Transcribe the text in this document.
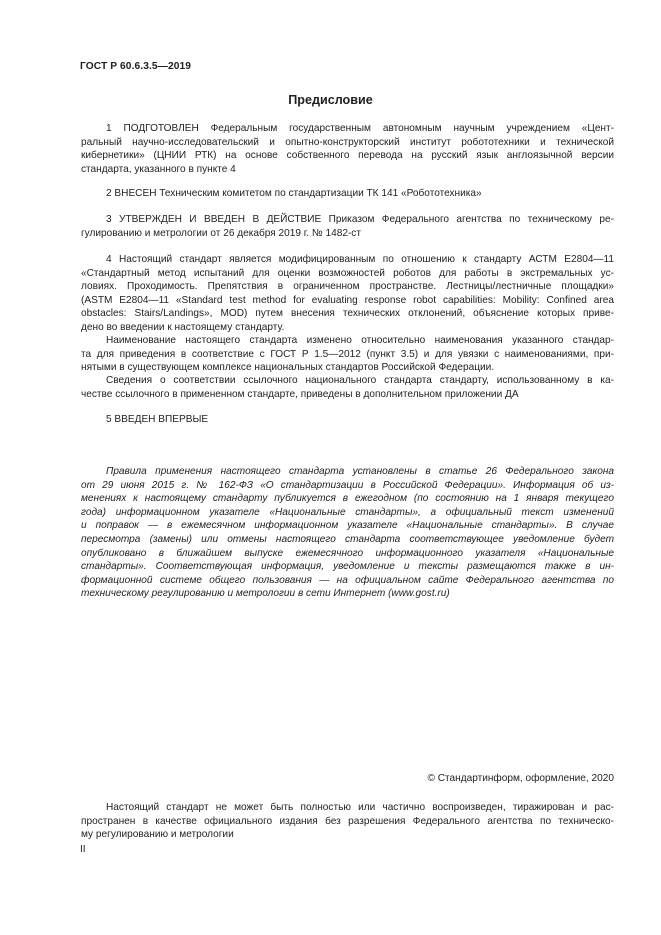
ГОСТ Р 60.6.3.5—2019
Предисловие
1 ПОДГОТОВЛЕН Федеральным государственным автономным научным учреждением «Цент-
ральный научно-исследовательский и опытно-конструкторский институт робототехники и технической
кибернетики» (ЦНИИ РТК) на основе собственного перевода на русский язык англоязычной версии
стандарта, указанного в пункте 4
2 ВНЕСЕН Техническим комитетом по стандартизации ТК 141 «Робототехника»
3 УТВЕРЖДЕН И ВВЕДЕН В ДЕЙСТВИЕ Приказом Федерального агентства по техническому ре-
гулированию и метрологии от 26 декабря 2019 г. № 1482-ст
4 Настоящий стандарт является модифицированным по отношению к стандарту АСТМ Е2804—11
«Стандартный метод испытаний для оценки возможностей роботов для работы в экстремальных ус-
ловиях. Проходимость. Препятствия в ограниченном пространстве. Лестницы/лестничные площадки»
(ASTM E2804—11 «Standard test method for evaluating response robot capabilities: Mobility: Confined area
obstacles: Stairs/Landings», MOD) путем внесения технических отклонений, объяснение которых приве-
дено во введении к настоящему стандарту.
Наименование настоящего стандарта изменено относительно наименования указанного стандар-
та для приведения в соответствие с ГОСТ Р 1.5—2012 (пункт 3.5) и для увязки с наименованиями, при-
нятыми в существующем комплексе национальных стандартов Российской Федерации.
Сведения о соответствии ссылочного национального стандарта стандарту, использованному в ка-
честве ссылочного в примененном стандарте, приведены в дополнительном приложении ДА
5 ВВЕДЕН ВПЕРВЫЕ
Правила применения настоящего стандарта установлены в статье 26 Федерального закона
от 29 июня 2015 г. № 162-ФЗ «О стандартизации в Российской Федерации». Информация об из-
менениях к настоящему стандарту публикуется в ежегодном (по состоянию на 1 января текущего
года) информационном указателе «Национальные стандарты», а официальный текст изменений
и поправок — в ежемесячном информационном указателе «Национальные стандарты». В случае
пересмотра (замены) или отмены настоящего стандарта соответствующее уведомление будет
опубликовано в ближайшем выпуске ежемесячного информационного указателя «Национальные
стандарты». Соответствующая информация, уведомление и тексты размещаются также в ин-
формационной системе общего пользования — на официальном сайте Федерального агентства по
техническому регулированию и метрологии в сети Интернет (www.gost.ru)
© Стандартинформ, оформление, 2020
Настоящий стандарт не может быть полностью или частично воспроизведен, тиражирован и рас-
пространен в качестве официального издания без разрешения Федерального агентства по техническо-
му регулированию и метрологии
II
